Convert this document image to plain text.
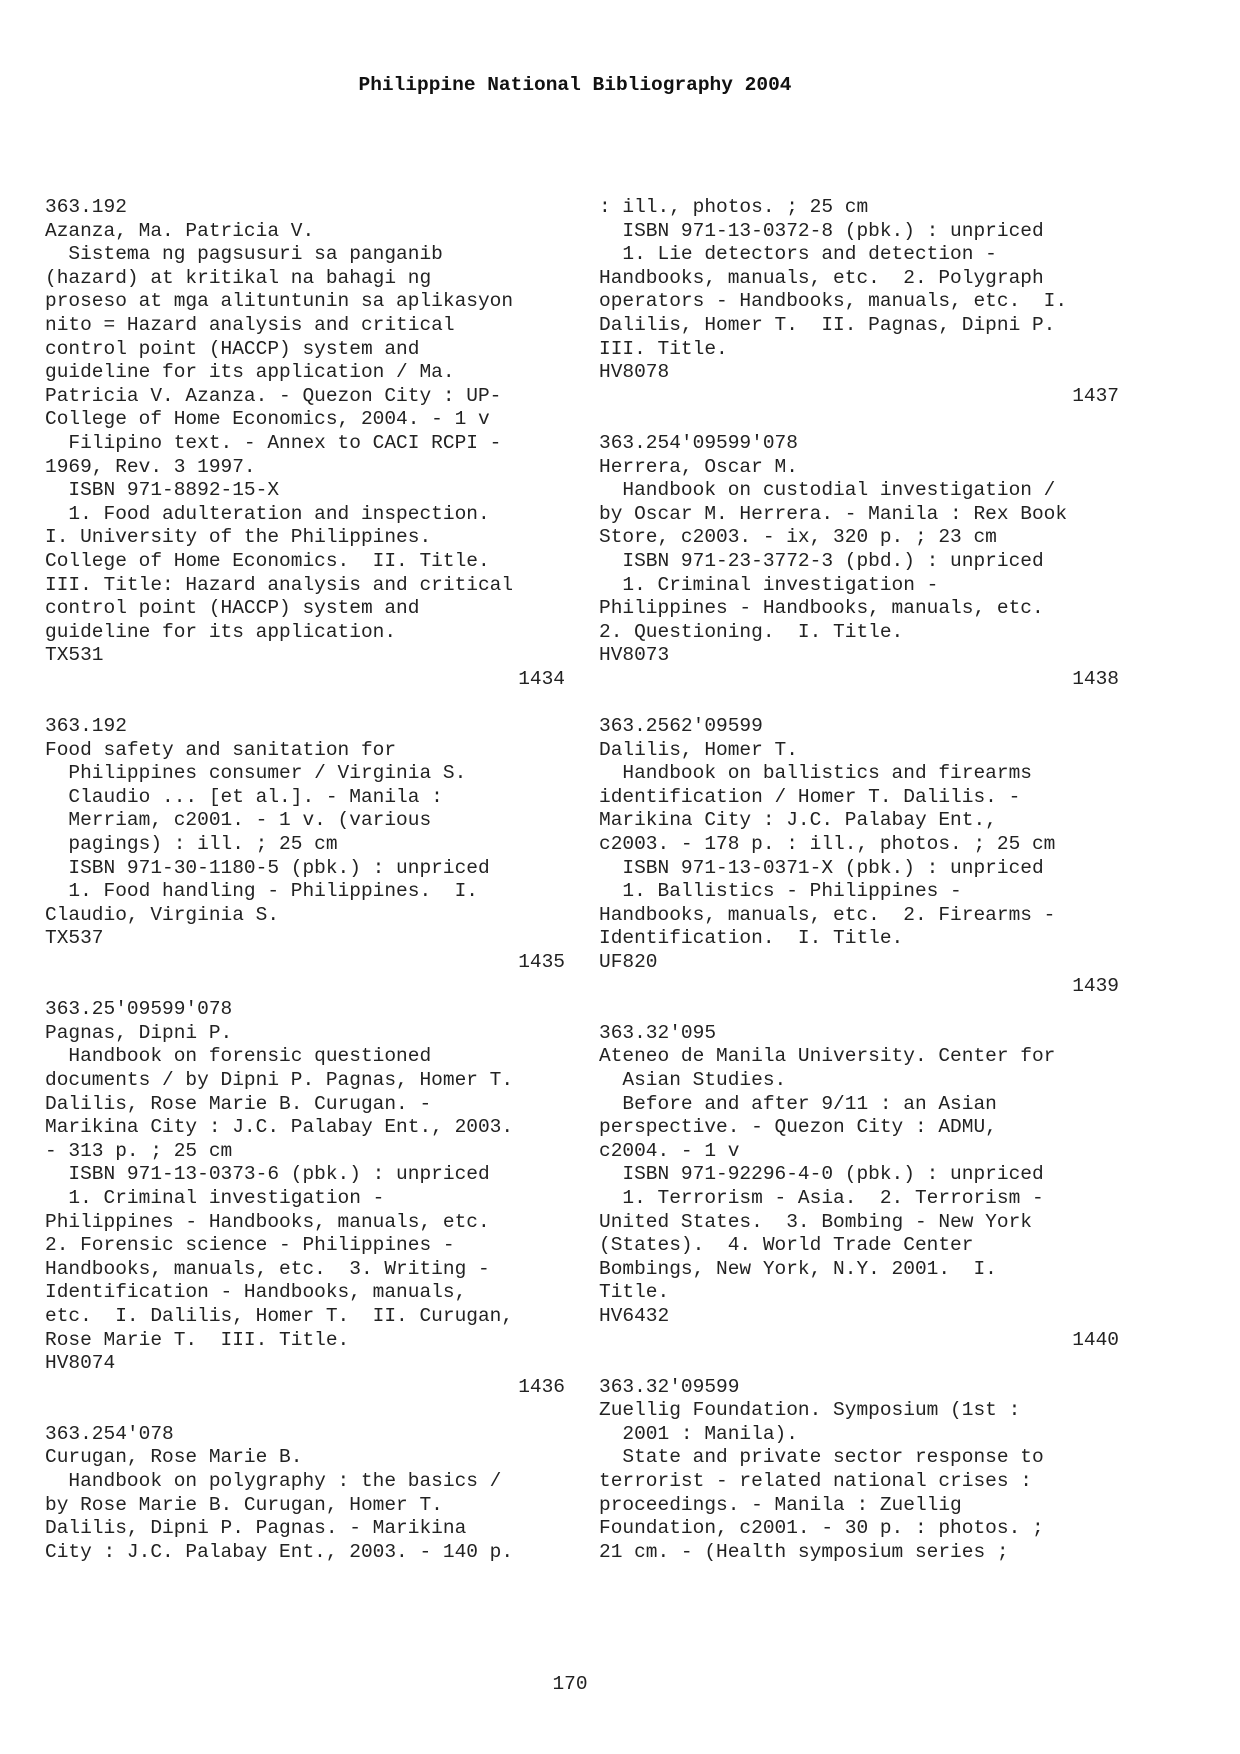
Philippine National Bibliography 2004
363.192
Azanza, Ma. Patricia V.
Sistema ng pagsusuri sa panganib
(hazard) at kritikal na bahagi ng
proseso at mga alituntunin sa aplikasyon
nito = Hazard analysis and critical
control point (HACCP) system and
guideline for its application / Ma.
Patricia V. Azanza. - Quezon City : UP-
College of Home Economics, 2004. - 1 v
Filipino text. - Annex to CACI RCPI -
1969, Rev. 3 1997.
ISBN 971-8892-15-X
1. Food adulteration and inspection.
I. University of the Philippines.
College of Home Economics.  II. Title.
III. Title: Hazard analysis and critical
control point (HACCP) system and
guideline for its application.
TX531
1434
363.192
Food safety and sanitation for
Philippines consumer / Virginia S.
Claudio ... [et al.]. - Manila :
Merriam, c2001. - 1 v. (various
pagings) : ill. ; 25 cm
ISBN 971-30-1180-5 (pbk.) : unpriced
1. Food handling - Philippines.  I.
Claudio, Virginia S.
TX537
1435
363.25'09599'078
Pagnas, Dipni P.
Handbook on forensic questioned
documents / by Dipni P. Pagnas, Homer T.
Dalilis, Rose Marie B. Curugan. -
Marikina City : J.C. Palabay Ent., 2003.
- 313 p. ; 25 cm
ISBN 971-13-0373-6 (pbk.) : unpriced
1. Criminal investigation -
Philippines - Handbooks, manuals, etc.
2. Forensic science - Philippines -
Handbooks, manuals, etc.  3. Writing -
Identification - Handbooks, manuals,
etc.  I. Dalilis, Homer T.  II. Curugan,
Rose Marie T.  III. Title.
HV8074
1436
363.254'078
Curugan, Rose Marie B.
Handbook on polygraphy : the basics /
by Rose Marie B. Curugan, Homer T.
Dalilis, Dipni P. Pagnas. - Marikina
City : J.C. Palabay Ent., 2003. - 140 p.
: ill., photos. ; 25 cm
ISBN 971-13-0372-8 (pbk.) : unpriced
1. Lie detectors and detection -
Handbooks, manuals, etc.  2. Polygraph
operators - Handbooks, manuals, etc.  I.
Dalilis, Homer T.  II. Pagnas, Dipni P.
III. Title.
HV8078
1437
363.254'09599'078
Herrera, Oscar M.
Handbook on custodial investigation /
by Oscar M. Herrera. - Manila : Rex Book
Store, c2003. - ix, 320 p. ; 23 cm
ISBN 971-23-3772-3 (pbd.) : unpriced
1. Criminal investigation -
Philippines - Handbooks, manuals, etc.
2. Questioning.  I. Title.
HV8073
1438
363.2562'09599
Dalilis, Homer T.
Handbook on ballistics and firearms
identification / Homer T. Dalilis. -
Marikina City : J.C. Palabay Ent.,
c2003. - 178 p. : ill., photos. ; 25 cm
ISBN 971-13-0371-X (pbk.) : unpriced
1. Ballistics - Philippines -
Handbooks, manuals, etc.  2. Firearms -
Identification.  I. Title.
UF820
1439
363.32'095
Ateneo de Manila University. Center for
Asian Studies.
Before and after 9/11 : an Asian
perspective. - Quezon City : ADMU,
c2004. - 1 v
ISBN 971-92296-4-0 (pbk.) : unpriced
1. Terrorism - Asia.  2. Terrorism -
United States.  3. Bombing - New York
(States).  4. World Trade Center
Bombings, New York, N.Y. 2001.  I.
Title.
HV6432
1440
363.32'09599
Zuellig Foundation. Symposium (1st :
2001 : Manila).
State and private sector response to
terrorist - related national crises :
proceedings. - Manila : Zuellig
Foundation, c2001. - 30 p. : photos. ;
21 cm. - (Health symposium series ;
170
